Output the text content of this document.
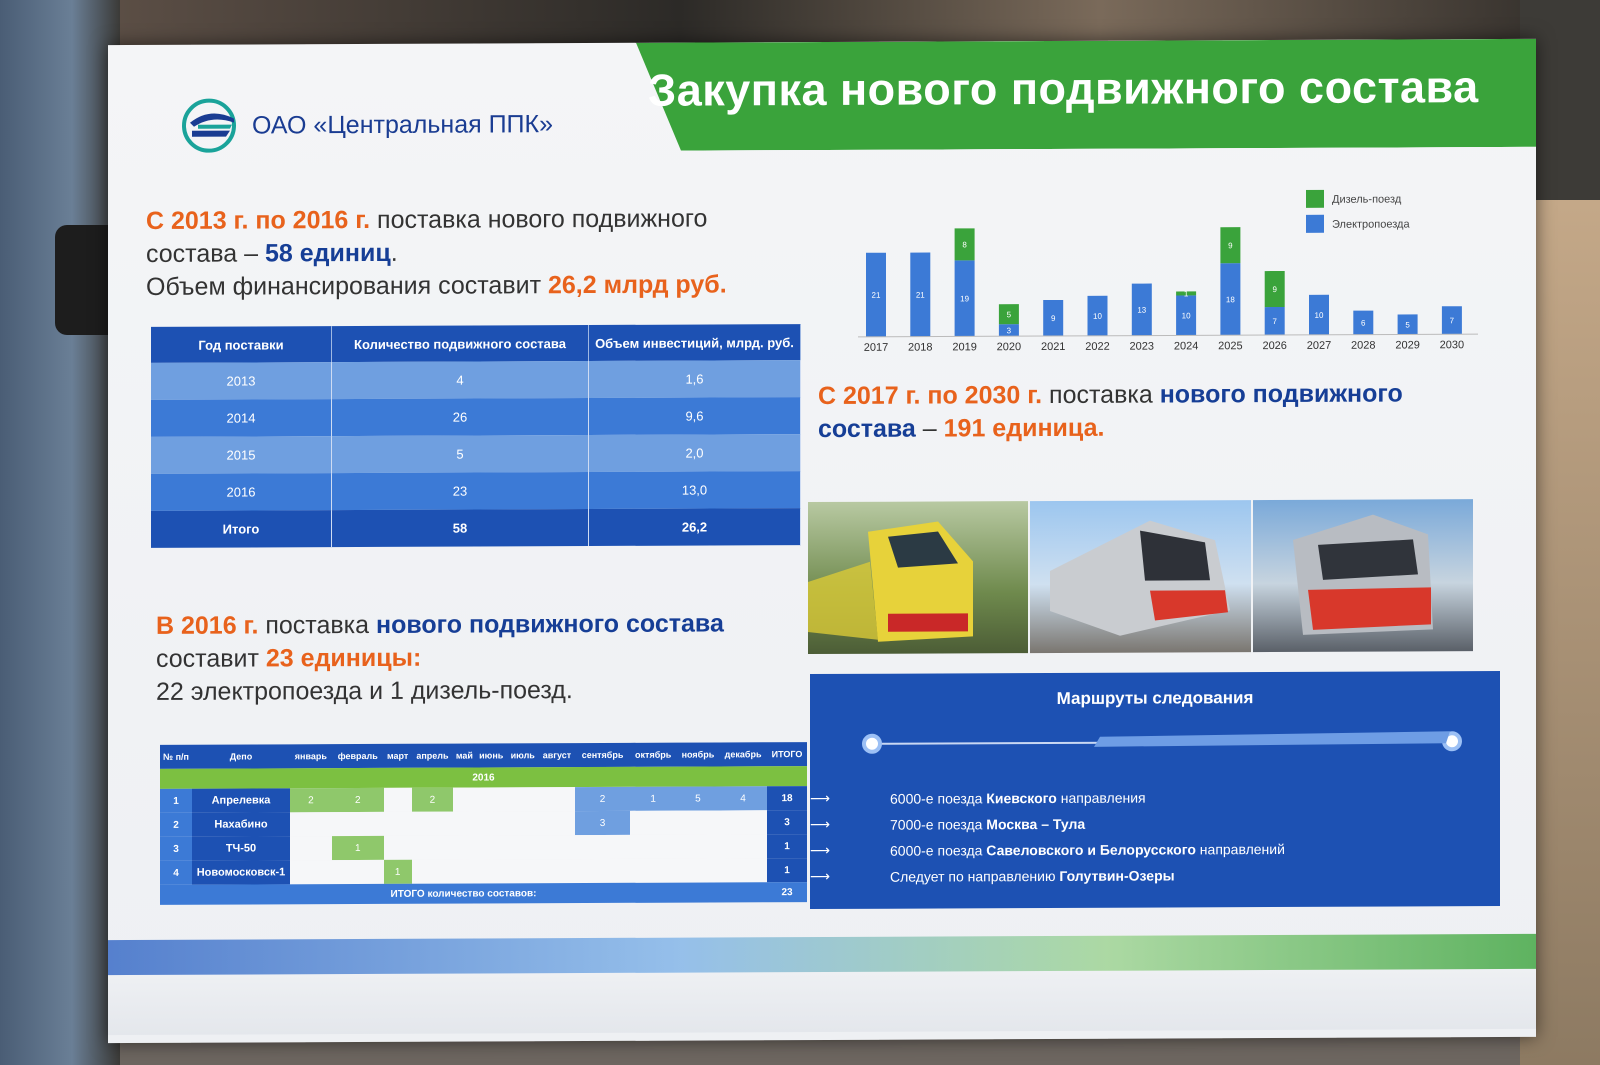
Закупка нового подвижного состава
ОАО «Центральная ППК»
С 2013 г. по 2016 г. поставка нового подвижного
состава – 58 единиц.
Объем финансирования составит 26,2 млрд руб.
Год поставки	Количество подвижного состава	Объем инвестиций, млрд. руб.
2013	4	1,6
2014	26	9,6
2015	5	2,0
2016	23	13,0
Итого	58	26,2
В 2016 г. поставка нового подвижного состава
составит 23 единицы:
22 электропоезда и 1 дизель-поезд.
№ п/п	Депо	январь	февраль	март	апрель	май	июнь	июль	август	сентябрь	октябрь	ноябрь	декабрь	ИТОГО
2016														
1	Апрелевка	2	2		2					2	1	5	4	18
2	Нахабино									3				3
3	ТЧ-50		1											1
4	Новомосковск-1			1										1
ИТОГО количество составов:														23
21
2017
21
2018
19
8
2019
3
5
2020
9
2021
10
2022
13
2023
10
1
2024
18
9
2025
7
9
2026
10
2027
6
2028
5
2029
7
2030
Дизель-поезд
Электропоезда
С 2017 г. по 2030 г. поставка нового подвижного
состава – 191 единица.
Маршруты следования
⟶	6000-е поезда Киевского направления
⟶	7000-е поезда Москва – Тула
⟶	6000-е поезда Савеловского и Белорусского направлений
⟶	Следует по направлению Голутвин-Озеры
